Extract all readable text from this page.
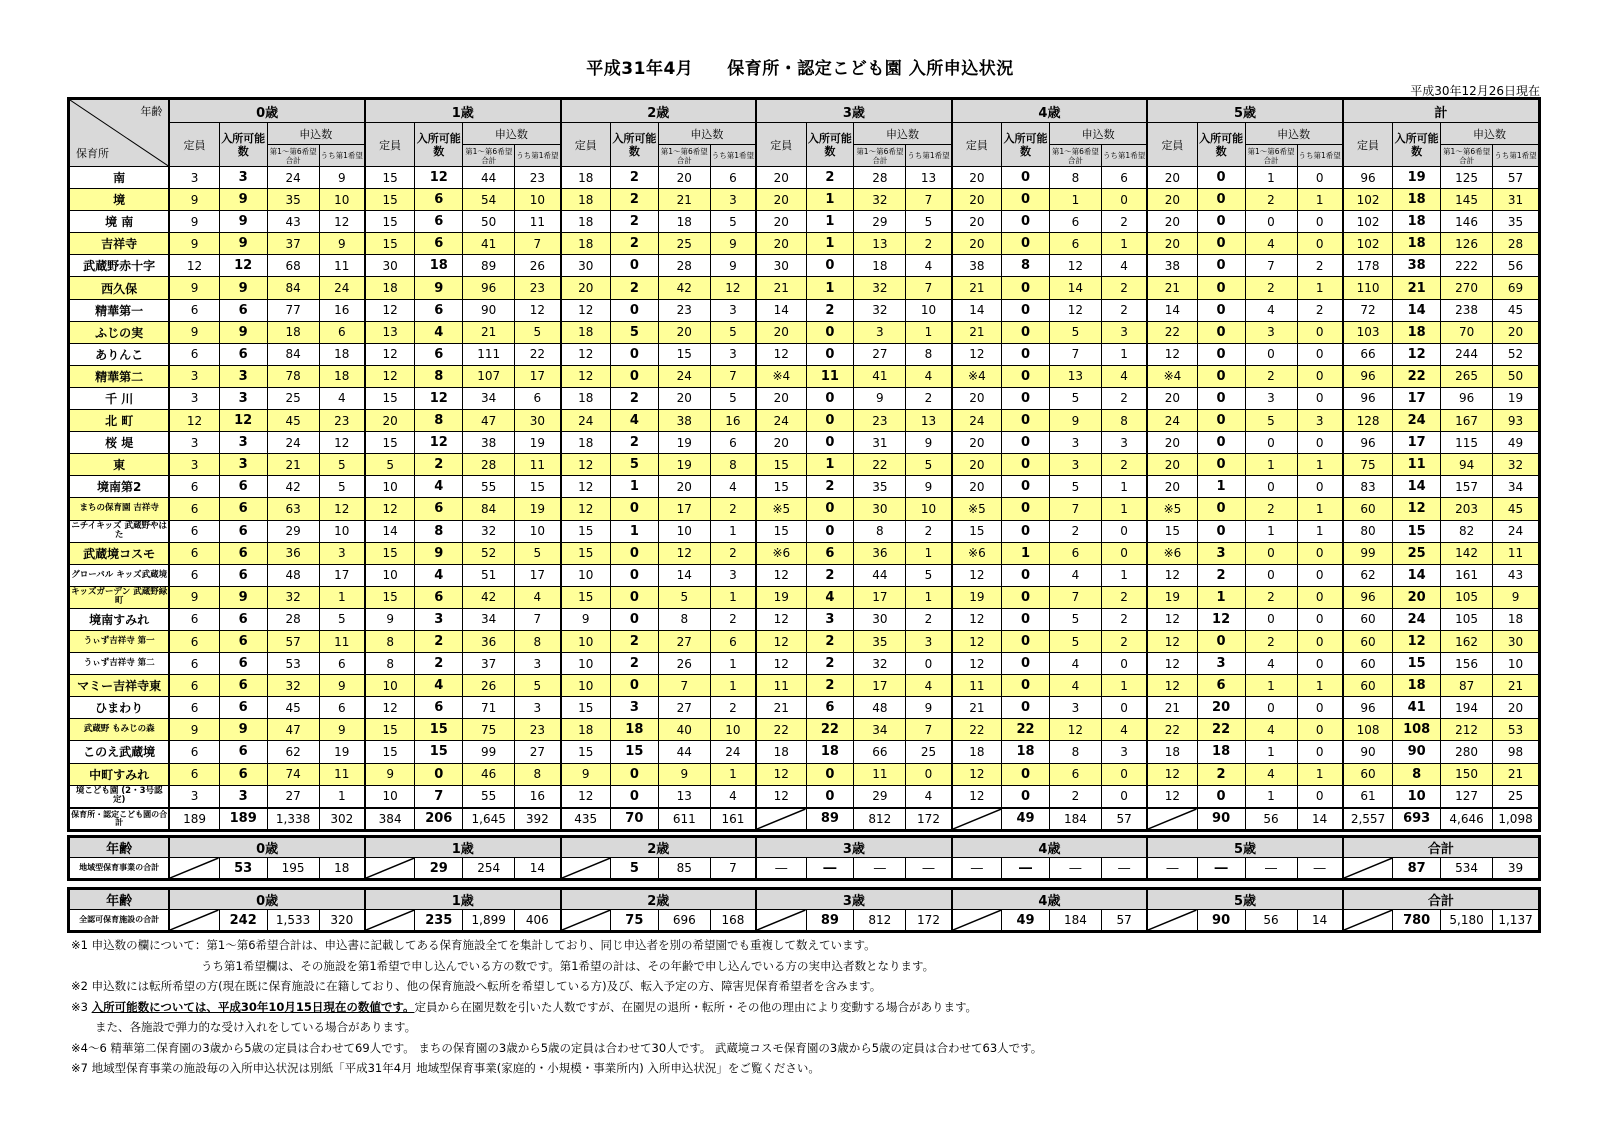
平成31年4月 保育所・認定こども園 入所申込状況
平成30年12月26日現在
年齢
保育所	0歳				1歳				2歳				3歳				4歳				5歳				計			
	定員	入所可能数	申込数		定員	入所可能数	申込数		定員	入所可能数	申込数		定員	入所可能数	申込数		定員	入所可能数	申込数		定員	入所可能数	申込数		定員	入所可能数	申込数	
			第1～第6希望合計	うち第1希望			第1～第6希望合計	うち第1希望			第1～第6希望合計	うち第1希望			第1～第6希望合計	うち第1希望			第1～第6希望合計	うち第1希望			第1～第6希望合計	うち第1希望			第1～第6希望合計	うち第1希望
南	3	3	24	9	15	12	44	23	18	2	20	6	20	2	28	13	20	0	8	6	20	0	1	0	96	19	125	57
境	9	9	35	10	15	6	54	10	18	2	21	3	20	1	32	7	20	0	1	0	20	0	2	1	102	18	145	31
境 南	9	9	43	12	15	6	50	11	18	2	18	5	20	1	29	5	20	0	6	2	20	0	0	0	102	18	146	35
吉祥寺	9	9	37	9	15	6	41	7	18	2	25	9	20	1	13	2	20	0	6	1	20	0	4	0	102	18	126	28
武蔵野赤十字	12	12	68	11	30	18	89	26	30	0	28	9	30	0	18	4	38	8	12	4	38	0	7	2	178	38	222	56
西久保	9	9	84	24	18	9	96	23	20	2	42	12	21	1	32	7	21	0	14	2	21	0	2	1	110	21	270	69
精華第一	6	6	77	16	12	6	90	12	12	0	23	3	14	2	32	10	14	0	12	2	14	0	4	2	72	14	238	45
ふじの実	9	9	18	6	13	4	21	5	18	5	20	5	20	0	3	1	21	0	5	3	22	0	3	0	103	18	70	20
ありんこ	6	6	84	18	12	6	111	22	12	0	15	3	12	0	27	8	12	0	7	1	12	0	0	0	66	12	244	52
精華第二	3	3	78	18	12	8	107	17	12	0	24	7	※4	11	41	4	※4	0	13	4	※4	0	2	0	96	22	265	50
千 川	3	3	25	4	15	12	34	6	18	2	20	5	20	0	9	2	20	0	5	2	20	0	3	0	96	17	96	19
北 町	12	12	45	23	20	8	47	30	24	4	38	16	24	0	23	13	24	0	9	8	24	0	5	3	128	24	167	93
桜 堤	3	3	24	12	15	12	38	19	18	2	19	6	20	0	31	9	20	0	3	3	20	0	0	0	96	17	115	49
東	3	3	21	5	5	2	28	11	12	5	19	8	15	1	22	5	20	0	3	2	20	0	1	1	75	11	94	32
境南第2	6	6	42	5	10	4	55	15	12	1	20	4	15	2	35	9	20	0	5	1	20	1	0	0	83	14	157	34
まちの保育園 吉祥寺	6	6	63	12	12	6	84	19	12	0	17	2	※5	0	30	10	※5	0	7	1	※5	0	2	1	60	12	203	45
ニチイキッズ 武蔵野やはた	6	6	29	10	14	8	32	10	15	1	10	1	15	0	8	2	15	0	2	0	15	0	1	1	80	15	82	24
武蔵境コスモ	6	6	36	3	15	9	52	5	15	0	12	2	※6	6	36	1	※6	1	6	0	※6	3	0	0	99	25	142	11
グローバル キッズ武蔵境	6	6	48	17	10	4	51	17	10	0	14	3	12	2	44	5	12	0	4	1	12	2	0	0	62	14	161	43
キッズガーデン 武蔵野緑町	9	9	32	1	15	6	42	4	15	0	5	1	19	4	17	1	19	0	7	2	19	1	2	0	96	20	105	9
境南すみれ	6	6	28	5	9	3	34	7	9	0	8	2	12	3	30	2	12	0	5	2	12	12	0	0	60	24	105	18
うぃず吉祥寺 第一	6	6	57	11	8	2	36	8	10	2	27	6	12	2	35	3	12	0	5	2	12	0	2	0	60	12	162	30
うぃず吉祥寺 第二	6	6	53	6	8	2	37	3	10	2	26	1	12	2	32	0	12	0	4	0	12	3	4	0	60	15	156	10
マミー吉祥寺東	6	6	32	9	10	4	26	5	10	0	7	1	11	2	17	4	11	0	4	1	12	6	1	1	60	18	87	21
ひまわり	6	6	45	6	12	6	71	3	15	3	27	2	21	6	48	9	21	0	3	0	21	20	0	0	96	41	194	20
武蔵野 もみじの森	9	9	47	9	15	15	75	23	18	18	40	10	22	22	34	7	22	22	12	4	22	22	4	0	108	108	212	53
このえ武蔵境	6	6	62	19	15	15	99	27	15	15	44	24	18	18	66	25	18	18	8	3	18	18	1	0	90	90	280	98
中町すみれ	6	6	74	11	9	0	46	8	9	0	9	1	12	0	11	0	12	0	6	0	12	2	4	1	60	8	150	21
境こども園 (2・3号認定)	3	3	27	1	10	7	55	16	12	0	13	4	12	0	29	4	12	0	2	0	12	0	1	0	61	10	127	25
保育所・認定こども園の合計	189	189	1,338	302	384	206	1,645	392	435	70	611	161		89	812	172		49	184	57		90	56	14	2,557	693	4,646	1,098
年齢	0歳				1歳				2歳				3歳				4歳				5歳				合計			
地域型保育事業の合計		53	195	18		29	254	14		5	85	7	―	―	―	―	―	―	―	―	―	―	―	―		87	534	39
年齢	0歳				1歳				2歳				3歳				4歳				5歳				合計			
全認可保育施設の合計		242	1,533	320		235	1,899	406		75	696	168		89	812	172		49	184	57		90	56	14		780	5,180	1,137
※1 申込数の欄について：第1～第6希望合計は、申込書に記載してある保育施設全てを集計しており、同じ申込者を別の希望園でも重複して数えています。
うち第1希望欄は、その施設を第1希望で申し込んでいる方の数です。第1希望の計は、その年齢で申し込んでいる方の実申込者数となります。
※2 申込数には転所希望の方(現在既に保育施設に在籍しており、他の保育施設へ転所を希望している方)及び、転入予定の方、障害児保育希望者を含みます。
※3 入所可能数については、平成30年10月15日現在の数値です。定員から在園児数を引いた人数ですが、在園児の退所・転所・その他の理由により変動する場合があります。
また、各施設で弾力的な受け入れをしている場合があります。
※4～6 精華第二保育園の3歳から5歳の定員は合わせて69人です。 まちの保育園の3歳から5歳の定員は合わせて30人です。 武蔵境コスモ保育園の3歳から5歳の定員は合わせて63人です。
※7 地域型保育事業の施設毎の入所申込状況は別紙「平成31年4月 地域型保育事業(家庭的・小規模・事業所内) 入所申込状況」をご覧ください。
